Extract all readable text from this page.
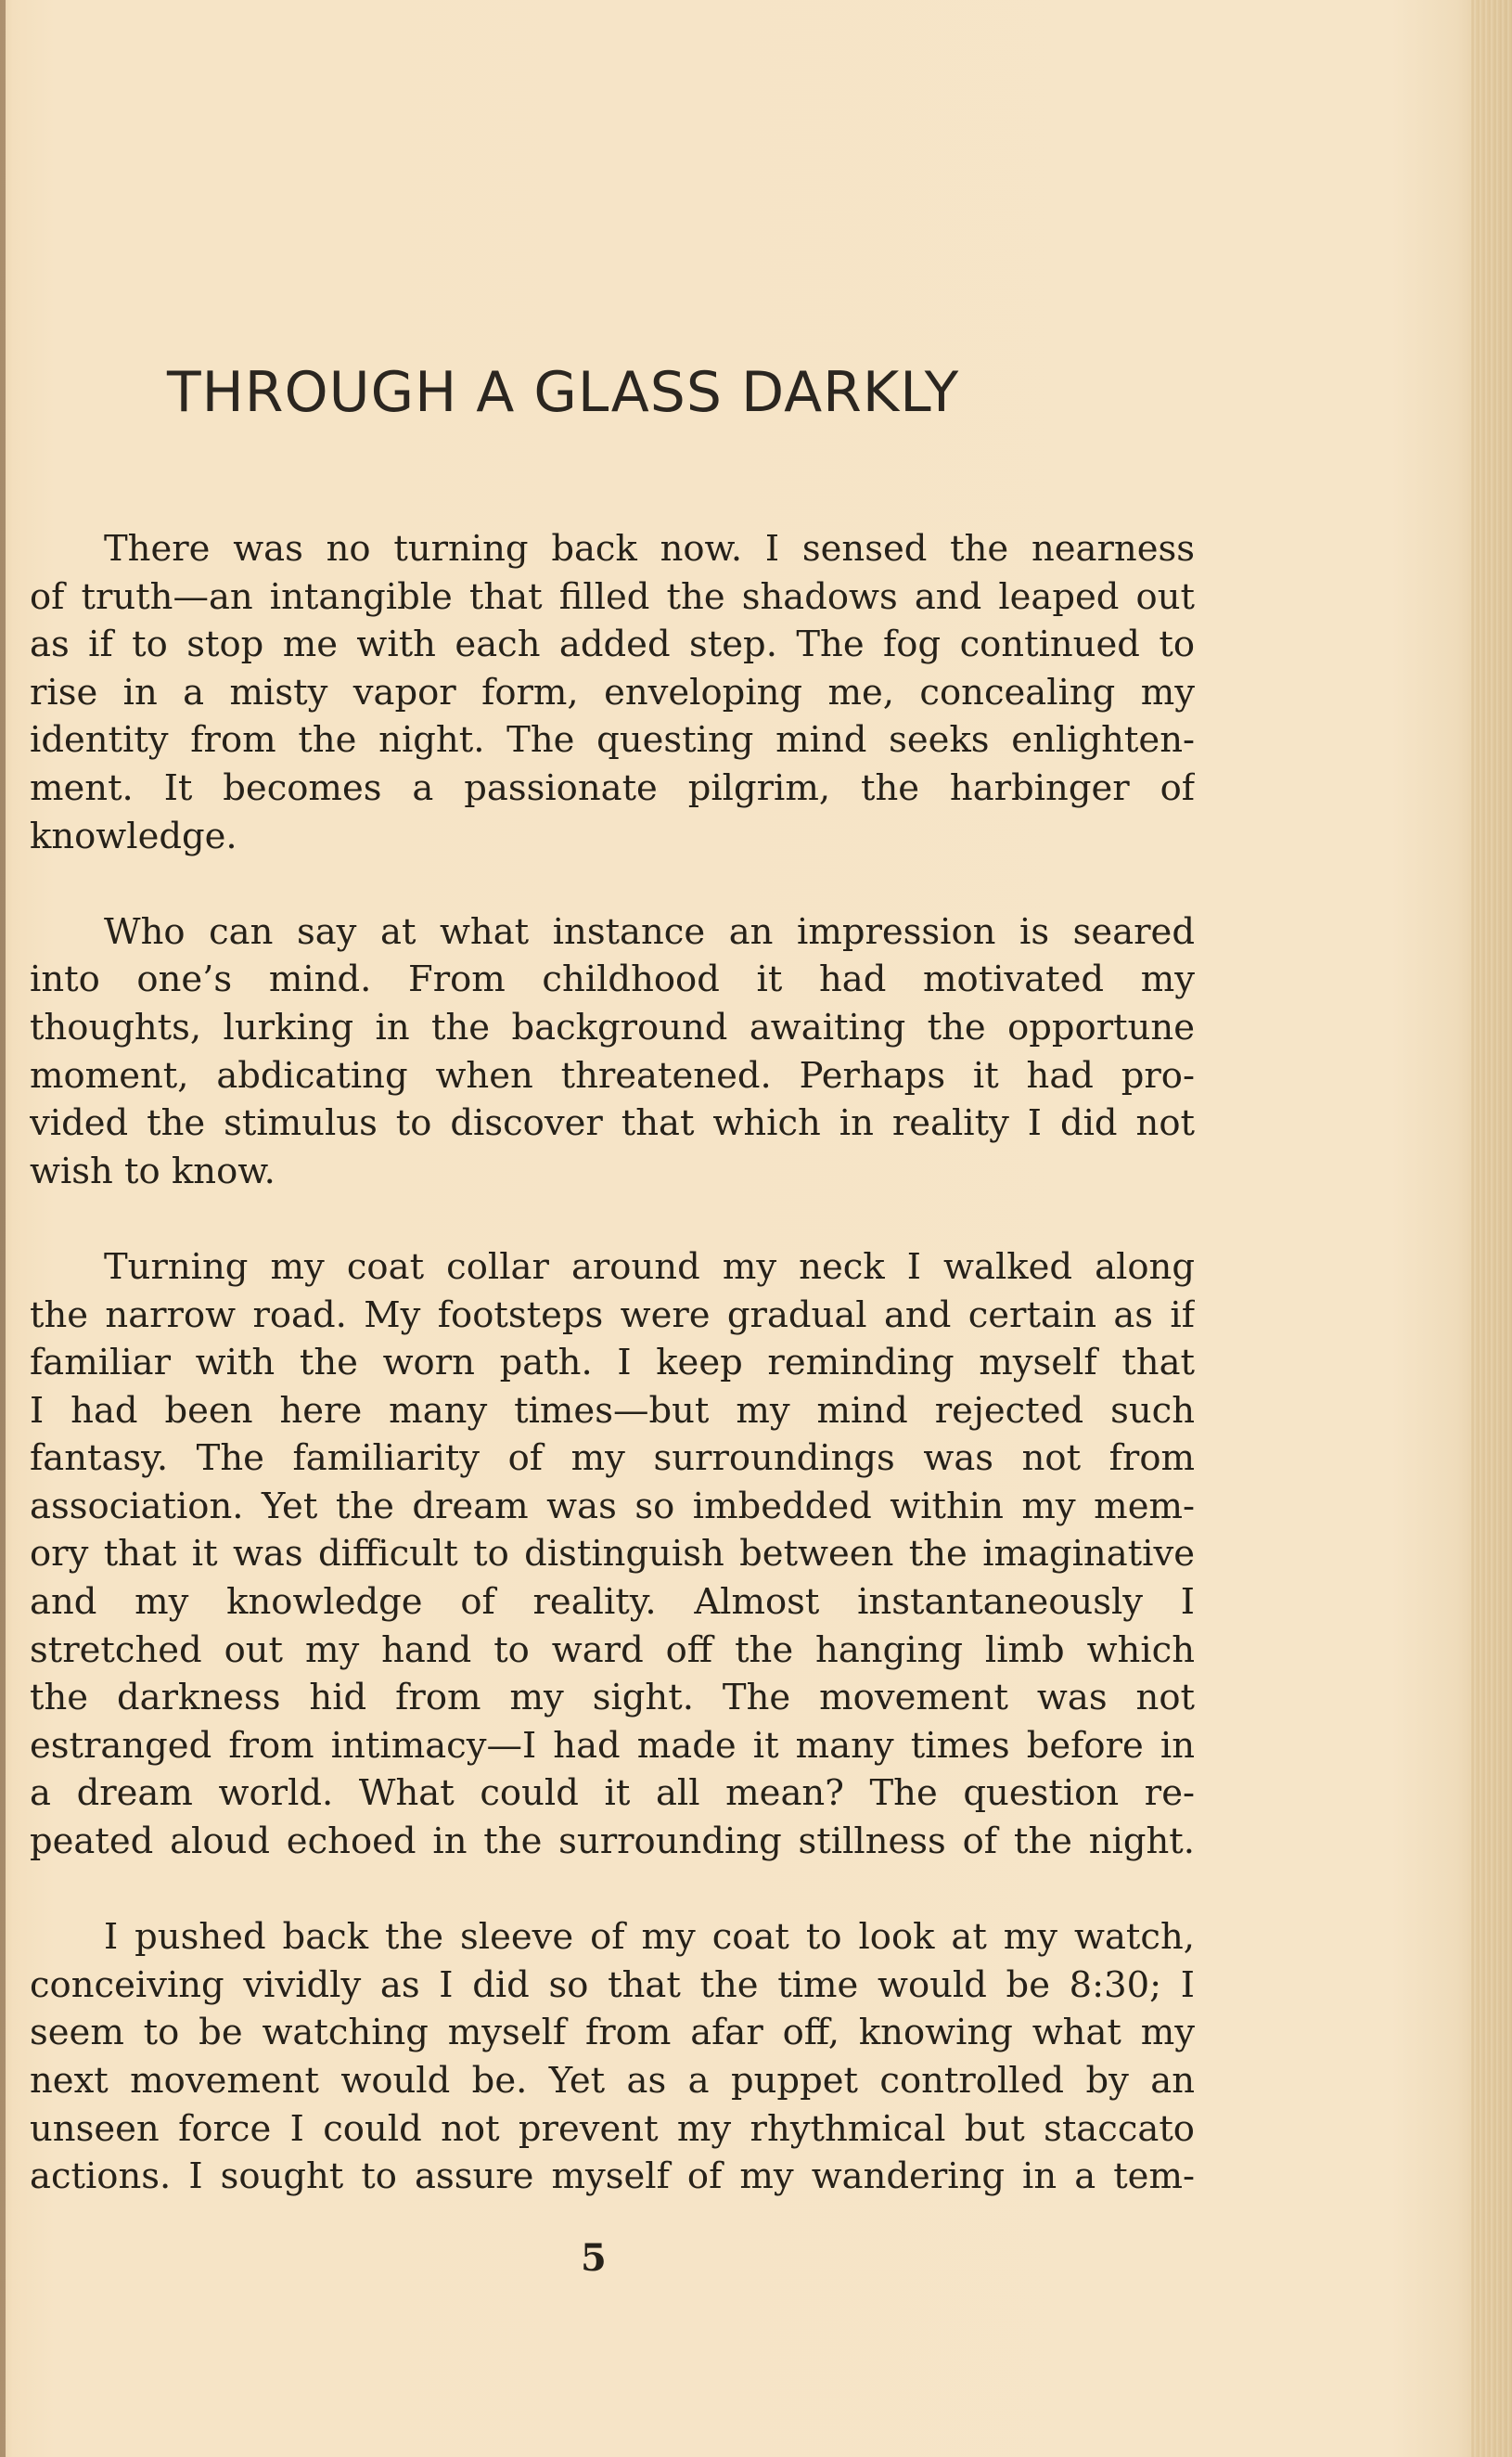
THROUGH A GLASS DARKLY
There was no turning back now. I sensed the nearness
of truth—an intangible that filled the shadows and leaped out
as if to stop me with each added step. The fog continued to
rise in a misty vapor form, enveloping me, concealing my
identity from the night. The questing mind seeks enlighten-
ment. It becomes a passionate pilgrim, the harbinger of
knowledge.
Who can say at what instance an impression is seared
into one’s mind. From childhood it had motivated my
thoughts, lurking in the background awaiting the opportune
moment, abdicating when threatened. Perhaps it had pro-
vided the stimulus to discover that which in reality I did not
wish to know.
Turning my coat collar around my neck I walked along
the narrow road. My footsteps were gradual and certain as if
familiar with the worn path. I keep reminding myself that
I had been here many times—but my mind rejected such
fantasy. The familiarity of my surroundings was not from
association. Yet the dream was so imbedded within my mem-
ory that it was difficult to distinguish between the imaginative
and my knowledge of reality. Almost instantaneously I
stretched out my hand to ward off the hanging limb which
the darkness hid from my sight. The movement was not
estranged from intimacy—I had made it many times before in
a dream world. What could it all mean? The question re-
peated aloud echoed in the surrounding stillness of the night.
I pushed back the sleeve of my coat to look at my watch,
conceiving vividly as I did so that the time would be 8:30; I
seem to be watching myself from afar off, knowing what my
next movement would be. Yet as a puppet controlled by an
unseen force I could not prevent my rhythmical but staccato
actions. I sought to assure myself of my wandering in a tem-
5
